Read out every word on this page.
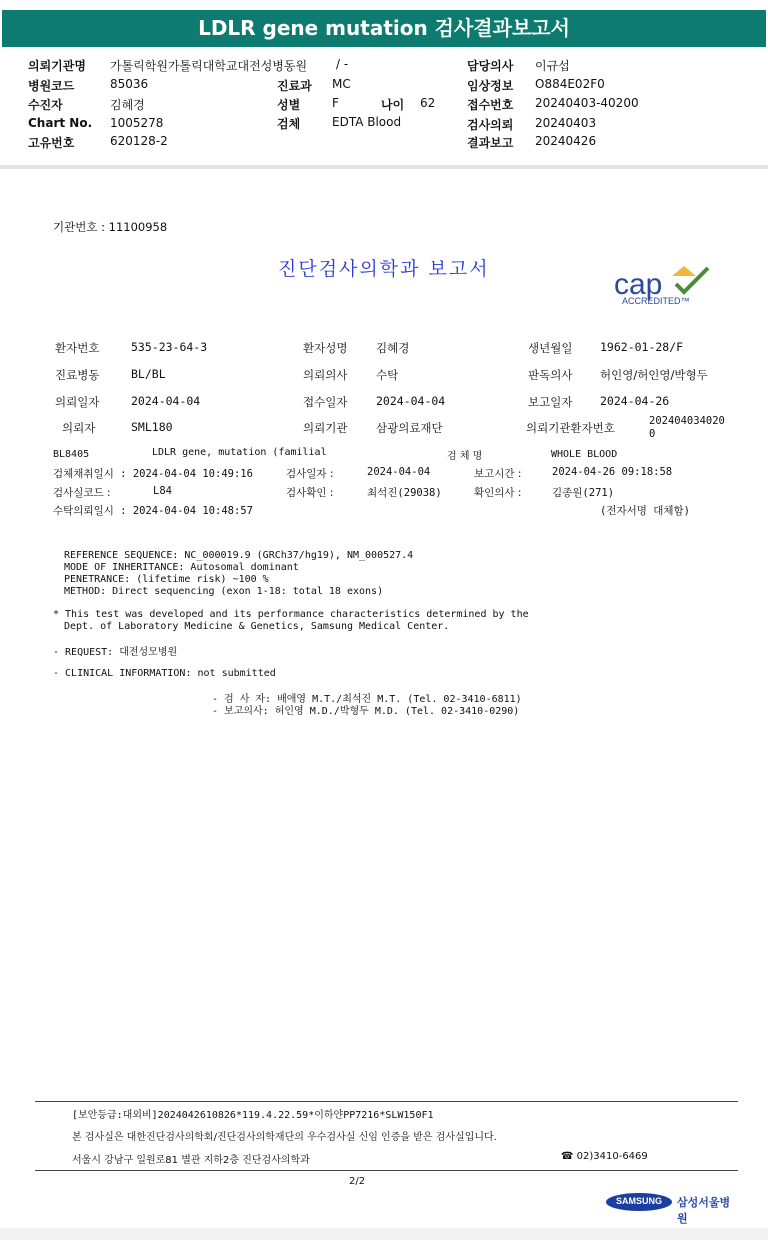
LDLR gene mutation 검사결과보고서
의뢰기관명 가톨릭학원가톨릭대학교대전성병동원 / -
병원코드	85036
수진자	김혜경
Chart No. 1005278
고유번호	620128-2
진료과 MC
성별	F	나이 62
검체	EDTA Blood
담당의사 이규섭
임상정보 O884E02F0
접수번호 20240403-40200
검사의뢰 20240403
결과보고 20240426
기관번호 : 11100958
진단검사의학과 보고서	cap
ACCREDITED™
환자번호	535-23-64-3	환자성명 김혜경	생년월일 1962-01-28/F
진료병동	BL/BL	의뢰의사 수탁	판독의사 허인영/허인영/박형두
의뢰일자	2024-04-04	접수일자 2024-04-04	보고일자 2024-04-26
의뢰자	SML180	의뢰기관 삼광의료재단	의뢰기관환자번호	202404034020
0
BL8405	LDLR gene, mutation (familial	검 체 명	WHOLE BLOOD
검체채취일시 : 2024-04-04 10:49:16	검사일자 :	2024-04-04	보고시간 :	2024-04-26 09:18:58
검사실코드 :	L84	검사확인 :	최석진(29038)	확인의사 :	김종원(271)
수탁의뢰일시 : 2024-04-04 10:48:57	(전자서명 대체함)
REFERENCE SEQUENCE: NC_000019.9 (GRCh37/hg19), NM_000527.4
MODE OF INHERITANCE: Autosomal dominant
PENETRANCE: (lifetime risk) ~100 %
METHOD: Direct sequencing (exon 1-18: total 18 exons)
* This test was developed and its performance characteristics determined by the
Dept. of Laboratory Medicine & Genetics, Samsung Medical Center.
- REQUEST: 대전성모병원
- CLINICAL INFORMATION: not submitted
- 검 사 자: 배애영 M.T./최석진 M.T. (Tel. 02-3410-6811)
- 보고의사: 허인영 M.D./박형두 M.D. (Tel. 02-3410-0290)
[보안등급:대외비]2024042610826*119.4.22.59*이하얀PP7216*SLW150F1
본 검사실은 대한진단검사의학회/진단검사의학재단의 우수검사실 신임 인증을 받은 검사실입니다.
서울시 강남구 일원로81 별관 지하2층 진단검사의학과	☎ 02)3410-6469
2/2
SAMSUNG	삼성서울병원
